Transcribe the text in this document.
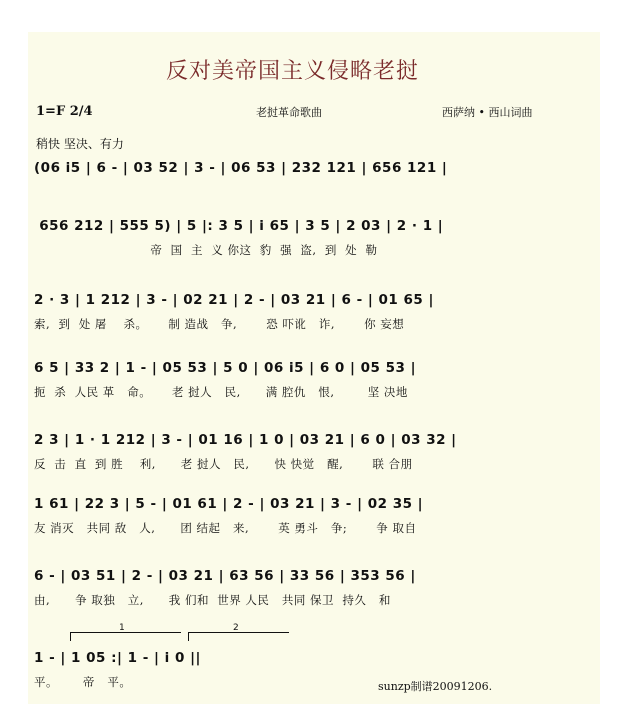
反对美帝国主义侵略老挝
1=F 2/4	老挝革命歌曲	西萨纳 • 西山词曲
稍快 坚决、有力
(06 i5 | 6 - | 03 52 | 3 - | 06 53 | 232 121 | 656 121 |
656 212 | 555 5) | 5 |: 3 5 | i 65 | 3 5 | 2 03 | 2 · 1 |
帝  国  主  义 你这  豹  强  盗,  到  处  勒
2 · 3 | 1 212 | 3 - | 02 21 | 2 - | 03 21 | 6 - | 01 65 |
索,  到  处 屠    杀。     制 造战   争,       恐 吓讹   诈,       你 妄想
6 5 | 33 2 | 1 - | 05 53 | 5 0 | 06 i5 | 6 0 | 05 53 |
扼  杀  人民 革   命。     老 挝人   民,      满 腔仇   恨,        坚 决地
2 3 | 1 · 1 212 | 3 - | 01 16 | 1 0 | 03 21 | 6 0 | 03 32 |
反  击  直  到 胜    利,      老 挝人   民,      快 快觉   醒,       联 合朋
1 61 | 22 3 | 5 - | 01 61 | 2 - | 03 21 | 3 - | 02 35 |
友 消灭   共同 敌   人,      团 结起   来,       英 勇斗   争;       争 取自
6 - | 03 51 | 2 - | 03 21 | 63 56 | 33 56 | 353 56 |
由,      争 取独   立,      我 们和  世界 人民   共同 保卫  持久   和
1	2
1 - | 1 05 :| 1 - | i 0 ||
平。      帝   平。	sunzp制谱20091206.
